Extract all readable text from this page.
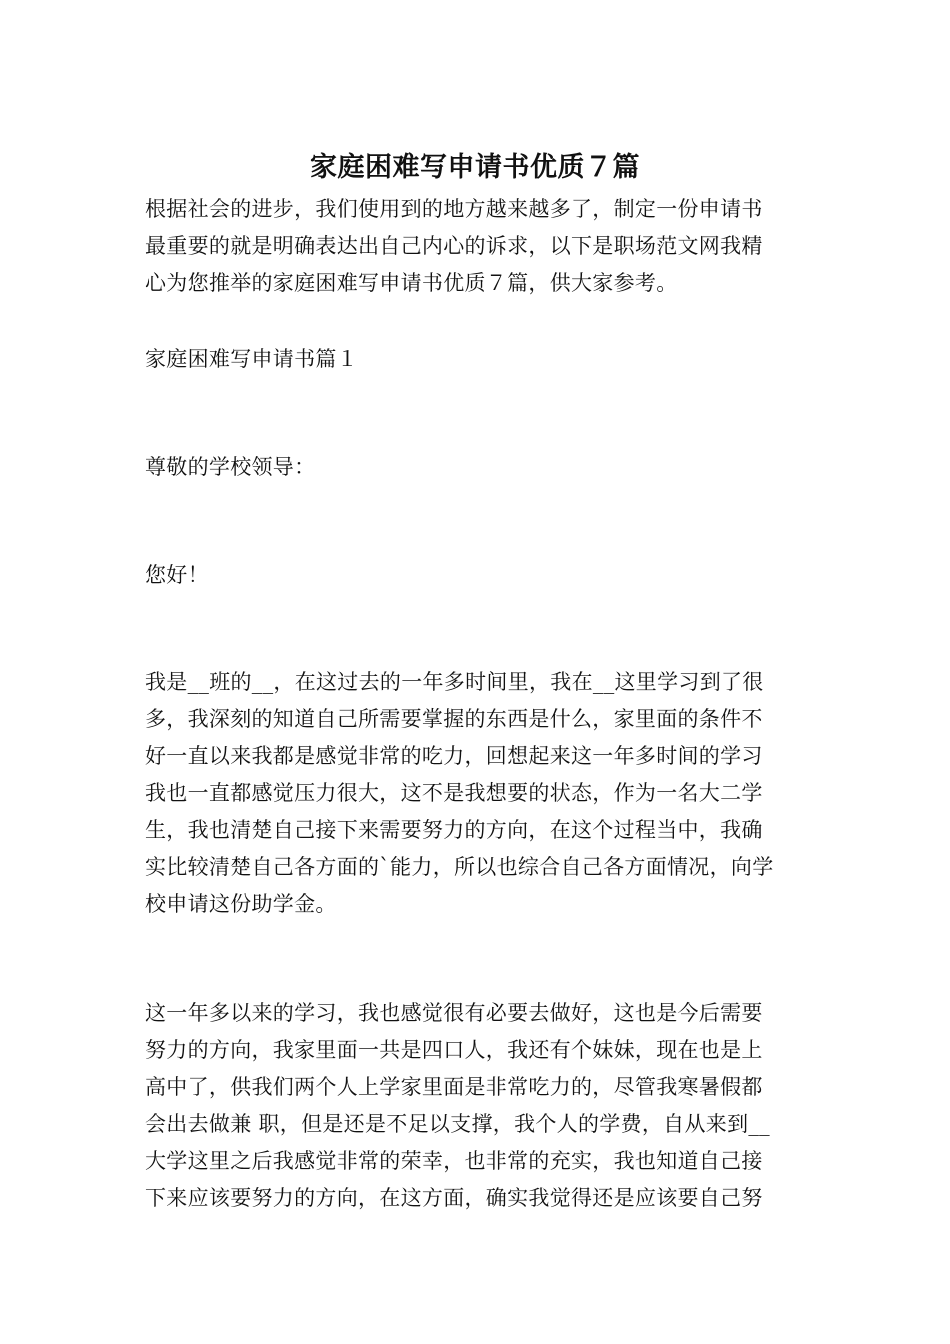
家庭困难写申请书优质７篇
根据社会的进步，我们使用到的地方越来越多了，制定一份申请书
最重要的就是明确表达出自己内心的诉求，以下是职场范文网我精
心为您推举的家庭困难写申请书优质７篇，供大家参考。
家庭困难写申请书篇１
尊敬的学校领导：
您好！
我是__班的__，在这过去的一年多时间里，我在__这里学习到了很
多，我深刻的知道自己所需要掌握的东西是什么，家里面的条件不
好一直以来我都是感觉非常的吃力，回想起来这一年多时间的学习
我也一直都感觉压力很大，这不是我想要的状态，作为一名大二学
生，我也清楚自己接下来需要努力的方向，在这个过程当中，我确
实比较清楚自己各方面的`能力，所以也综合自己各方面情况，向学
校申请这份助学金。
这一年多以来的学习，我也感觉很有必要去做好，这也是今后需要
努力的方向，我家里面一共是四口人，我还有个妹妹，现在也是上
高中了，供我们两个人上学家里面是非常吃力的，尽管我寒暑假都
会出去做兼 职，但是还是不足以支撑，我个人的学费，自从来到__
大学这里之后我感觉非常的荣幸，也非常的充实，我也知道自己接
下来应该要努力的方向，在这方面，确实我觉得还是应该要自己努
